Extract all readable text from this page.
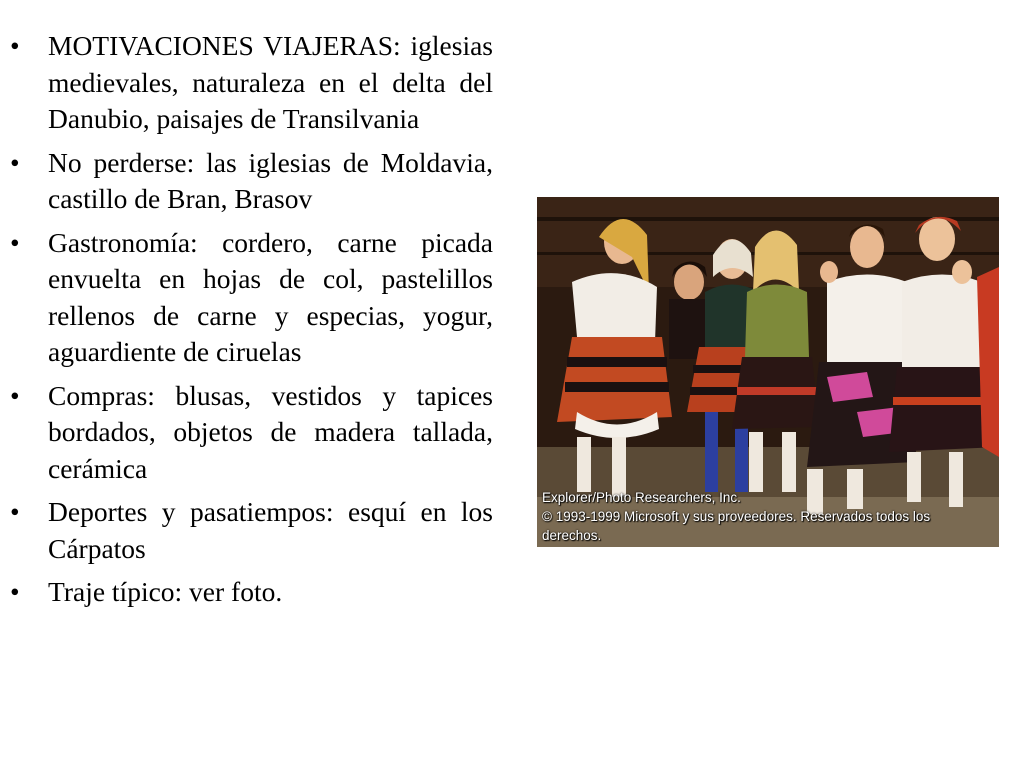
•	MOTIVACIONES VIAJERAS: iglesias medievales, naturaleza en el delta del Danubio, paisajes de Transilvania
•	No perderse: las iglesias de Moldavia, castillo de Bran, Brasov
•	Gastronomía: cordero, carne picada envuelta en hojas de col, pastelillos rellenos de carne y especias, yogur, aguardiente de ciruelas
•	Compras: blusas, vestidos y tapices bordados, objetos de madera tallada, cerámica
•	Deportes y pasatiempos: esquí en los Cárpatos
•	Traje típico: ver foto.
Explorer/Photo Researchers, Inc.
© 1993-1999 Microsoft y sus proveedores. Reservados todos los
derechos.
